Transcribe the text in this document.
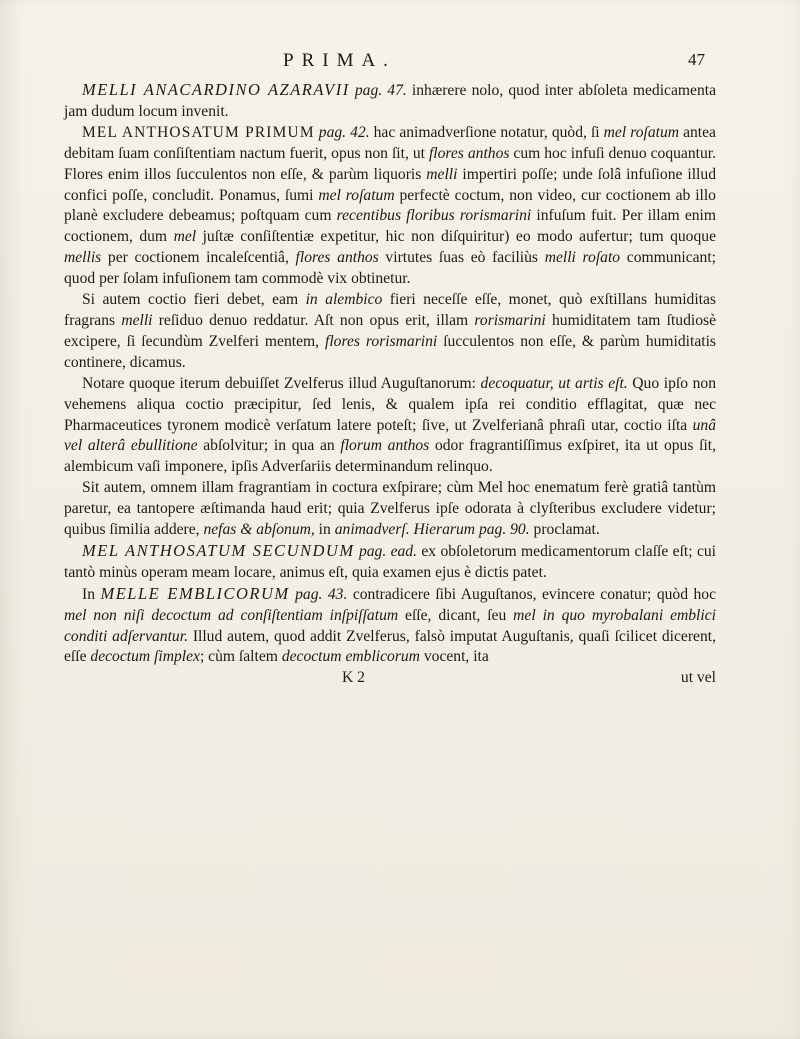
PRIMA.	47

MELLI ANACARDINO AZARAVII pag. 47. inhærere nolo, quod inter abſoleta medicamenta jam dudum locum invenit.

MEL ANTHOSATUM PRIMUM pag. 42. hac animadverſione notatur, quòd, ſi mel roſatum antea debitam ſuam conſiſtentiam nactum fuerit, opus non ſit, ut flores anthos cum hoc infuſi denuo coquantur. Flores enim illos ſucculentos non eſſe, & parùm liquoris melli impertiri poſſe; unde ſolâ infuſione illud confici poſſe, concludit. Ponamus, ſumi mel roſatum perfectè coctum, non video, cur coctionem ab illo planè excludere debeamus; poſtquam cum recentibus floribus rorismarini infuſum fuit. Per illam enim coctionem, dum mel juſtæ conſiſtentiæ expetitur, hic non diſquiritur) eo modo aufertur; tum quoque mellis per coctionem incaleſcentiâ, flores anthos virtutes ſuas eò faciliùs melli roſato communicant; quod per ſolam infuſionem tam commodè vix obtinetur.

Si autem coctio fieri debet, eam in alembico fieri neceſſe eſſe, monet, quò exſtillans humiditas fragrans melli reſiduo denuo reddatur. Aſt non opus erit, illam rorismarini humiditatem tam ſtudiosè excipere, ſi ſecundùm Zvelferi mentem, flores rorismarini ſucculentos non eſſe, & parùm humiditatis continere, dicamus.

Notare quoque iterum debuiſſet Zvelferus illud Auguſtanorum: decoquatur, ut artis eſt. Quo ipſo non vehemens aliqua coctio præcipitur, ſed lenis, & qualem ipſa rei conditio efflagitat, quæ nec Pharmaceutices tyronem modicè verſatum latere poteſt; ſive, ut Zvelferianâ phraſi utar, coctio iſta unâ vel alterâ ebullitione abſolvitur; in qua an florum anthos odor fragrantiſſimus exſpiret, ita ut opus ſit, alembicum vaſi imponere, ipſis Adverſariis determinandum relinquo.

Sit autem, omnem illam fragrantiam in coctura exſpirare; cùm Mel hoc enematum ferè gratiâ tantùm paretur, ea tantopere æſtimanda haud erit; quia Zvelferus ipſe odorata à clyſteribus excludere videtur; quibus ſimilia addere, nefas & abſonum, in animadverſ. Hierarum pag. 90. proclamat.

MEL ANTHOSATUM SECUNDUM pag. ead. ex obſoletorum medicamentorum claſſe eſt; cui tantò minùs operam meam locare, animus eſt, quia examen ejus è dictis patet.

In MELLE EMBLICORUM pag. 43. contradicere ſibi Auguſtanos, evincere conatur; quòd hoc mel non niſi decoctum ad conſiſtentiam inſpiſſatum eſſe, dicant, ſeu mel in quo myrobalani emblici conditi adſervantur. Illud autem, quod addit Zvelferus, falsò imputat Auguſtanis, quaſi ſcilicet dicerent, eſſe decoctum ſimplex; cùm ſaltem decoctum emblicorum vocent, ita

K 2	ut vel
